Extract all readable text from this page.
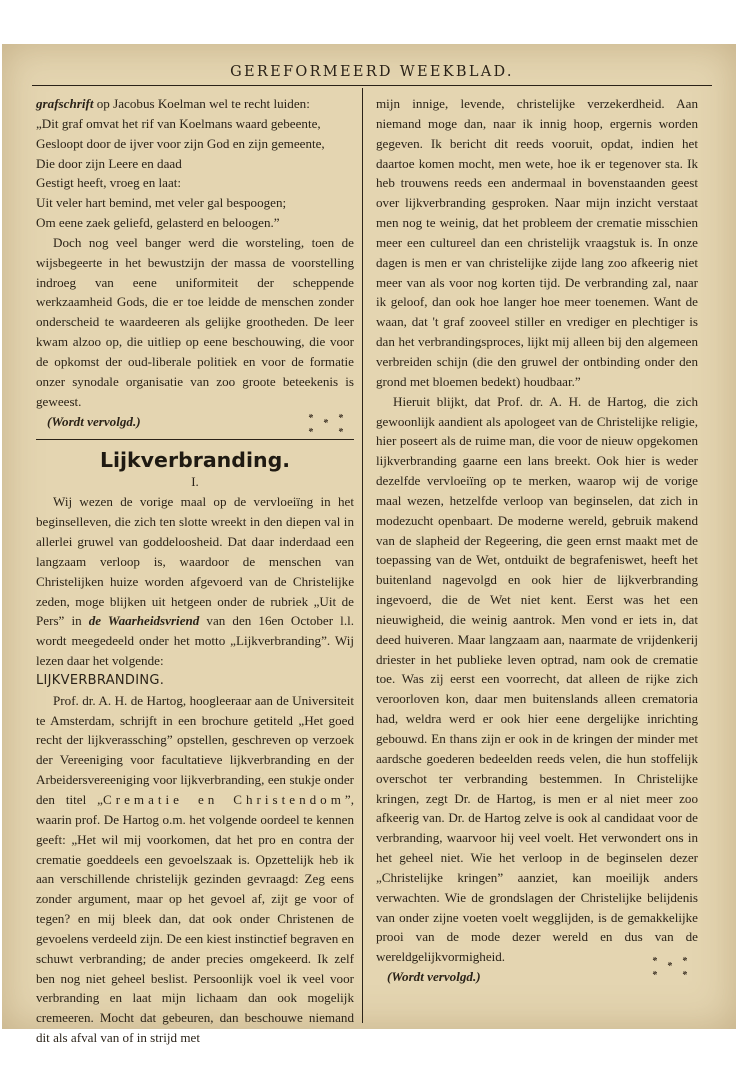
GEREFORMEERD WEEKBLAD.

grafschrift op Jacobus Koelman wel te recht luiden:

„Dit graf omvat het rif van Koelmans waard gebeente,
Gesloopt door de ijver voor zijn God en zijn gemeente,
Die door zijn Leere en daad
Gestigt heeft, vroeg en laat:
Uit veler hart bemind, met veler gal bespoogen;
Om eene zaek geliefd, gelasterd en beloogen.”

Doch nog veel banger werd die worsteling, toen de wijsbegeerte in het bewustzijn der massa de voorstelling indroeg van eene uniformiteit der scheppende werkzaamheid Gods, die er toe leidde de menschen zonder onderscheid te waardeeren als gelijke grootheden. De leer kwam alzoo op, die uitliep op eene beschouwing, die voor de opkomst der oud-liberale politiek en voor de formatie onzer synodale organisatie van zoo groote beteekenis is geweest.

(Wordt vervolgd.)	*	*
*
*	*

Lijkverbranding.
I.

Wij wezen de vorige maal op de vervloeiïng in het beginselleven, die zich ten slotte wreekt in den diepen val in allerlei gruwel van goddeloosheid. Dat daar inderdaad een langzaam verloop is, waardoor de menschen van Christelijken huize worden afgevoerd van de Christelijke zeden, moge blijken uit hetgeen onder de rubriek „Uit de Pers” in de Waarheidsvriend van den 16en October l.l. wordt meegedeeld onder het motto „Lijkverbranding”. Wij lezen daar het volgende:

LIJKVERBRANDING.

Prof. dr. A. H. de Hartog, hoogleeraar aan de Universiteit te Amsterdam, schrijft in een brochure getiteld „Het goed recht der lijkverassching” opstellen, geschreven op verzoek der Vereeniging voor facultatieve lijkverbranding en der Arbeidersvereeniging voor lijkverbranding, een stukje onder den titel „Crematie en Christendom”, waarin prof. De Hartog o.m. het volgende oordeel te kennen geeft: „Het wil mij voorkomen, dat het pro en contra der crematie goeddeels een gevoelszaak is. Opzettelijk heb ik aan verschillende christelijk gezinden gevraagd: Zeg eens zonder argument, maar op het gevoel af, zijt ge voor of tegen? en mij bleek dan, dat ook onder Christenen de gevoelens verdeeld zijn. De een kiest instinctief begraven en schuwt verbranding; de ander precies omgekeerd. Ik zelf ben nog niet geheel beslist. Persoonlijk voel ik veel voor verbranding en laat mijn lichaam dan ook mogelijk cremeeren. Mocht dat gebeuren, dan beschouwe niemand dit als afval van of in strijd met

mijn innige, levende, christelijke verzekerdheid. Aan niemand moge dan, naar ik innig hoop, ergernis worden gegeven. Ik bericht dit reeds vooruit, opdat, indien het daartoe komen mocht, men wete, hoe ik er tegenover sta. Ik heb trouwens reeds een andermaal in bovenstaanden geest over lijkverbranding gesproken. Naar mijn inzicht verstaat men nog te weinig, dat het probleem der crematie misschien meer een cultureel dan een christelijk vraagstuk is. In onze dagen is men er van christelijke zijde lang zoo afkeerig niet meer van als voor nog korten tijd. De verbranding zal, naar ik geloof, dan ook hoe langer hoe meer toenemen. Want de waan, dat 't graf zooveel stiller en vrediger en plechtiger is dan het verbrandingsproces, lijkt mij alleen bij den algemeen verbreiden schijn (die den gruwel der ontbinding onder den grond met bloemen bedekt) houdbaar.”

Hieruit blijkt, dat Prof. dr. A. H. de Hartog, die zich gewoonlijk aandient als apologeet van de Christelijke religie, hier poseert als de ruime man, die voor de nieuw opgekomen lijkverbranding gaarne een lans breekt. Ook hier is weder dezelfde vervloeiïng op te merken, waarop wij de vorige maal wezen, hetzelfde verloop van beginselen, dat zich in modezucht openbaart. De moderne wereld, gebruik makend van de slapheid der Regeering, die geen ernst maakt met de toepassing van de Wet, ontduikt de begrafeniswet, heeft het buitenland nagevolgd en ook hier de lijkverbranding ingevoerd, die de Wet niet kent. Eerst was het een nieuwigheid, die weinig aantrok. Men vond er iets in, dat deed huiveren. Maar langzaam aan, naarmate de vrijdenkerij driester in het publieke leven optrad, nam ook de crematie toe. Was zij eerst een voorrecht, dat alleen de rijke zich veroorloven kon, daar men buitenslands alleen crematoria had, weldra werd er ook hier eene dergelijke inrichting gebouwd. En thans zijn er ook in de kringen der minder met aardsche goederen bedeelden reeds velen, die hun stoffelijk overschot ter verbranding bestemmen. In Christelijke kringen, zegt Dr. de Hartog, is men er al niet meer zoo afkeerig van. Dr. de Hartog zelve is ook al candidaat voor de verbranding, waarvoor hij veel voelt. Het verwondert ons in het geheel niet. Wie het verloop in de beginselen dezer „Christelijke kringen” aanziet, kan moeilijk anders verwachten. Wie de grondslagen der Christelijke belijdenis van onder zijne voeten voelt wegglijden, is de gemakkelijke prooi van de mode dezer wereld en dus van de wereldgelijkvormigheid.

(Wordt vervolgd.)
*	*
*
*	*
